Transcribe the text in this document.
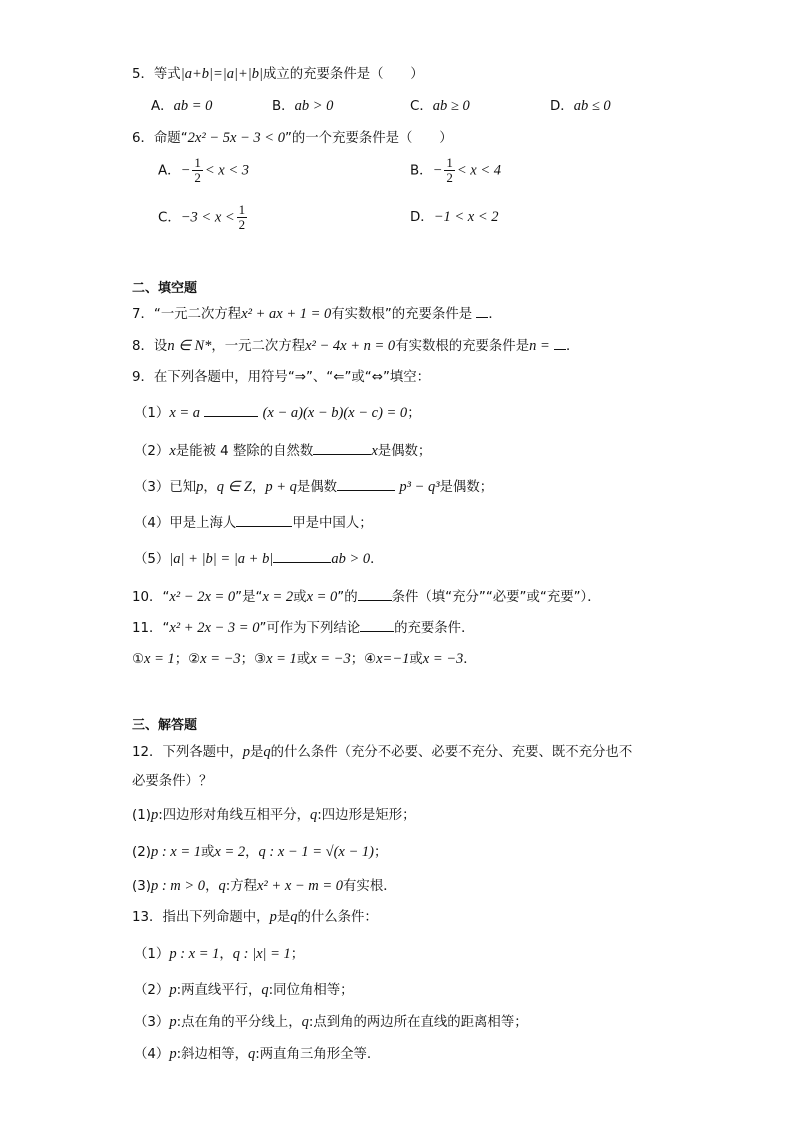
5．等式|a+b|=|a|+|b|成立的充要条件是（　　）
A．ab = 0	B．ab > 0	C．ab ≥ 0	D．ab ≤ 0
6．命题“2x² − 5x − 3 < 0”的一个充要条件是（　　）
A．− $\frac{1}{2} < x < 3$	B．− $\frac{1}{2} < x < 4$
C．$-3 < x < \frac{1}{2}$	D．−1 < x < 2
二、填空题
7．“一元二次方程x² + ax + 1 = 0有实数根”的充要条件是 ．
8．设n ∈ N*，一元二次方程x² − 4x + n = 0有实数根的充要条件是n = ．
9．在下列各题中，用符号“⇒”、“⇐”或“⇔”填空：
（1）x = a	(x − a)(x − b)(x − c) = 0；
（2）x是能被 4 整除的自然数	x是偶数；
（3）已知p，q ∈ Z，p + q是偶数	p³ − q³是偶数；
（4）甲是上海人	甲是中国人；
（5）|a| + |b| = |a + b|	ab > 0．
10．“x² − 2x = 0”是“x = 2或x = 0”的	条件（填“充分”“必要”或“充要”）．
11．“x² + 2x − 3 = 0”可作为下列结论	的充要条件．
①x = 1；②x = −3；③x = 1或x = −3；④x=−1或x = −3．
三、解答题
12．下列各题中，p是q的什么条件（充分不必要、必要不充分、充要、既不充分也不
必要条件）？
(1)p:四边形对角线互相平分，q:四边形是矩形；
(2)p : x = 1或x = 2，q : x − 1 = √(x − 1)；
(3)p : m > 0，q:方程x² + x − m = 0有实根．
13．指出下列命题中，p是q的什么条件：
（1）p : x = 1，q : |x| = 1；
（2）p:两直线平行，q:同位角相等；
（3）p:点在角的平分线上，q:点到角的两边所在直线的距离相等；
（4）p:斜边相等，q:两直角三角形全等.
